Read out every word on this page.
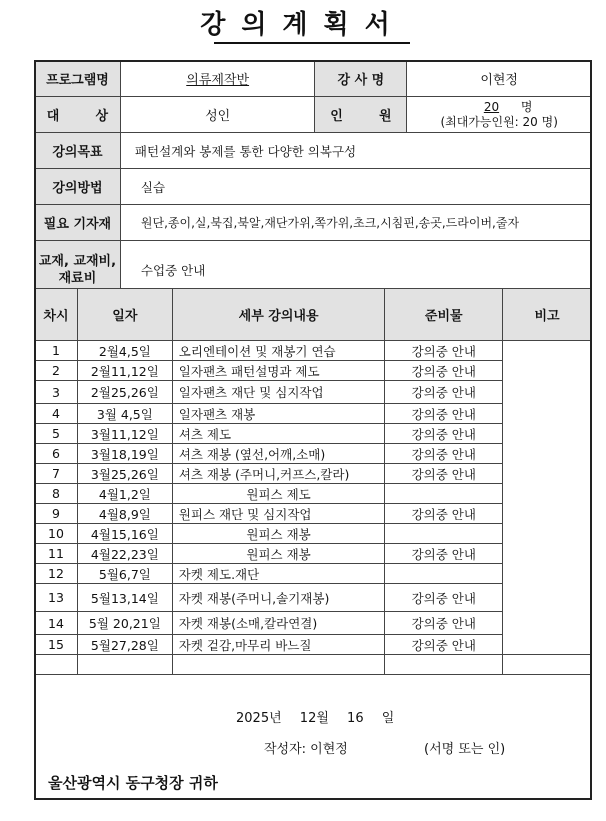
강의계획서
프로그램명	의류제작반	강 사 명	이현정
대        상	성인	인        원	20 명
(최대가능인원: 20 명)

강의목표	패턴설계와 봉제를 통한 다양한 의복구성		
강의방법	실습		
필요 기자재	원단,종이,실,북집,북알,재단가위,쪽가위,초크,시침핀,송곳,드라이버,줄자		
교재, 교재비, 재료비	수업중 안내		
차시	일자	세부 강의내용	준비물	비고
1	2월4,5일	오리엔테이션 및 재봉기 연습	강의중 안내	
2	2월11,12일	일자팬츠 패턴설명과 제도	강의중 안내	
3	2월25,26일	일자팬츠 재단 및 심지작업	강의중 안내	
4	3월 4,5일	일자팬츠 재봉	강의중 안내	
5	3월11,12일	셔츠 제도	강의중 안내	
6	3월18,19일	셔츠 재봉 (옆선,어깨,소매)	강의중 안내	
7	3월25,26일	셔츠 재봉 (주머니,커프스,칼라)	강의중 안내	
8	4월1,2일	원피스 제도		
9	4월8,9일	원피스 재단 및 심지작업	강의중 안내	
10	4월15,16일	원피스 재봉		
11	4월22,23일	원피스 재봉	강의중 안내	
12	5월6,7일	자켓 제도.재단		
13	5월13,14일	자켓 재봉(주머니,솔기재봉)	강의중 안내	
14	5월 20,21일	자켓 재봉(소매,칼라연결)	강의중 안내	
15	5월27,28일	자켓 겉감,마무리 바느질	강의중 안내	

2025년 12월 16 일
작성자: 이현정	(서명 또는 인)
울산광역시 동구청장 귀하
